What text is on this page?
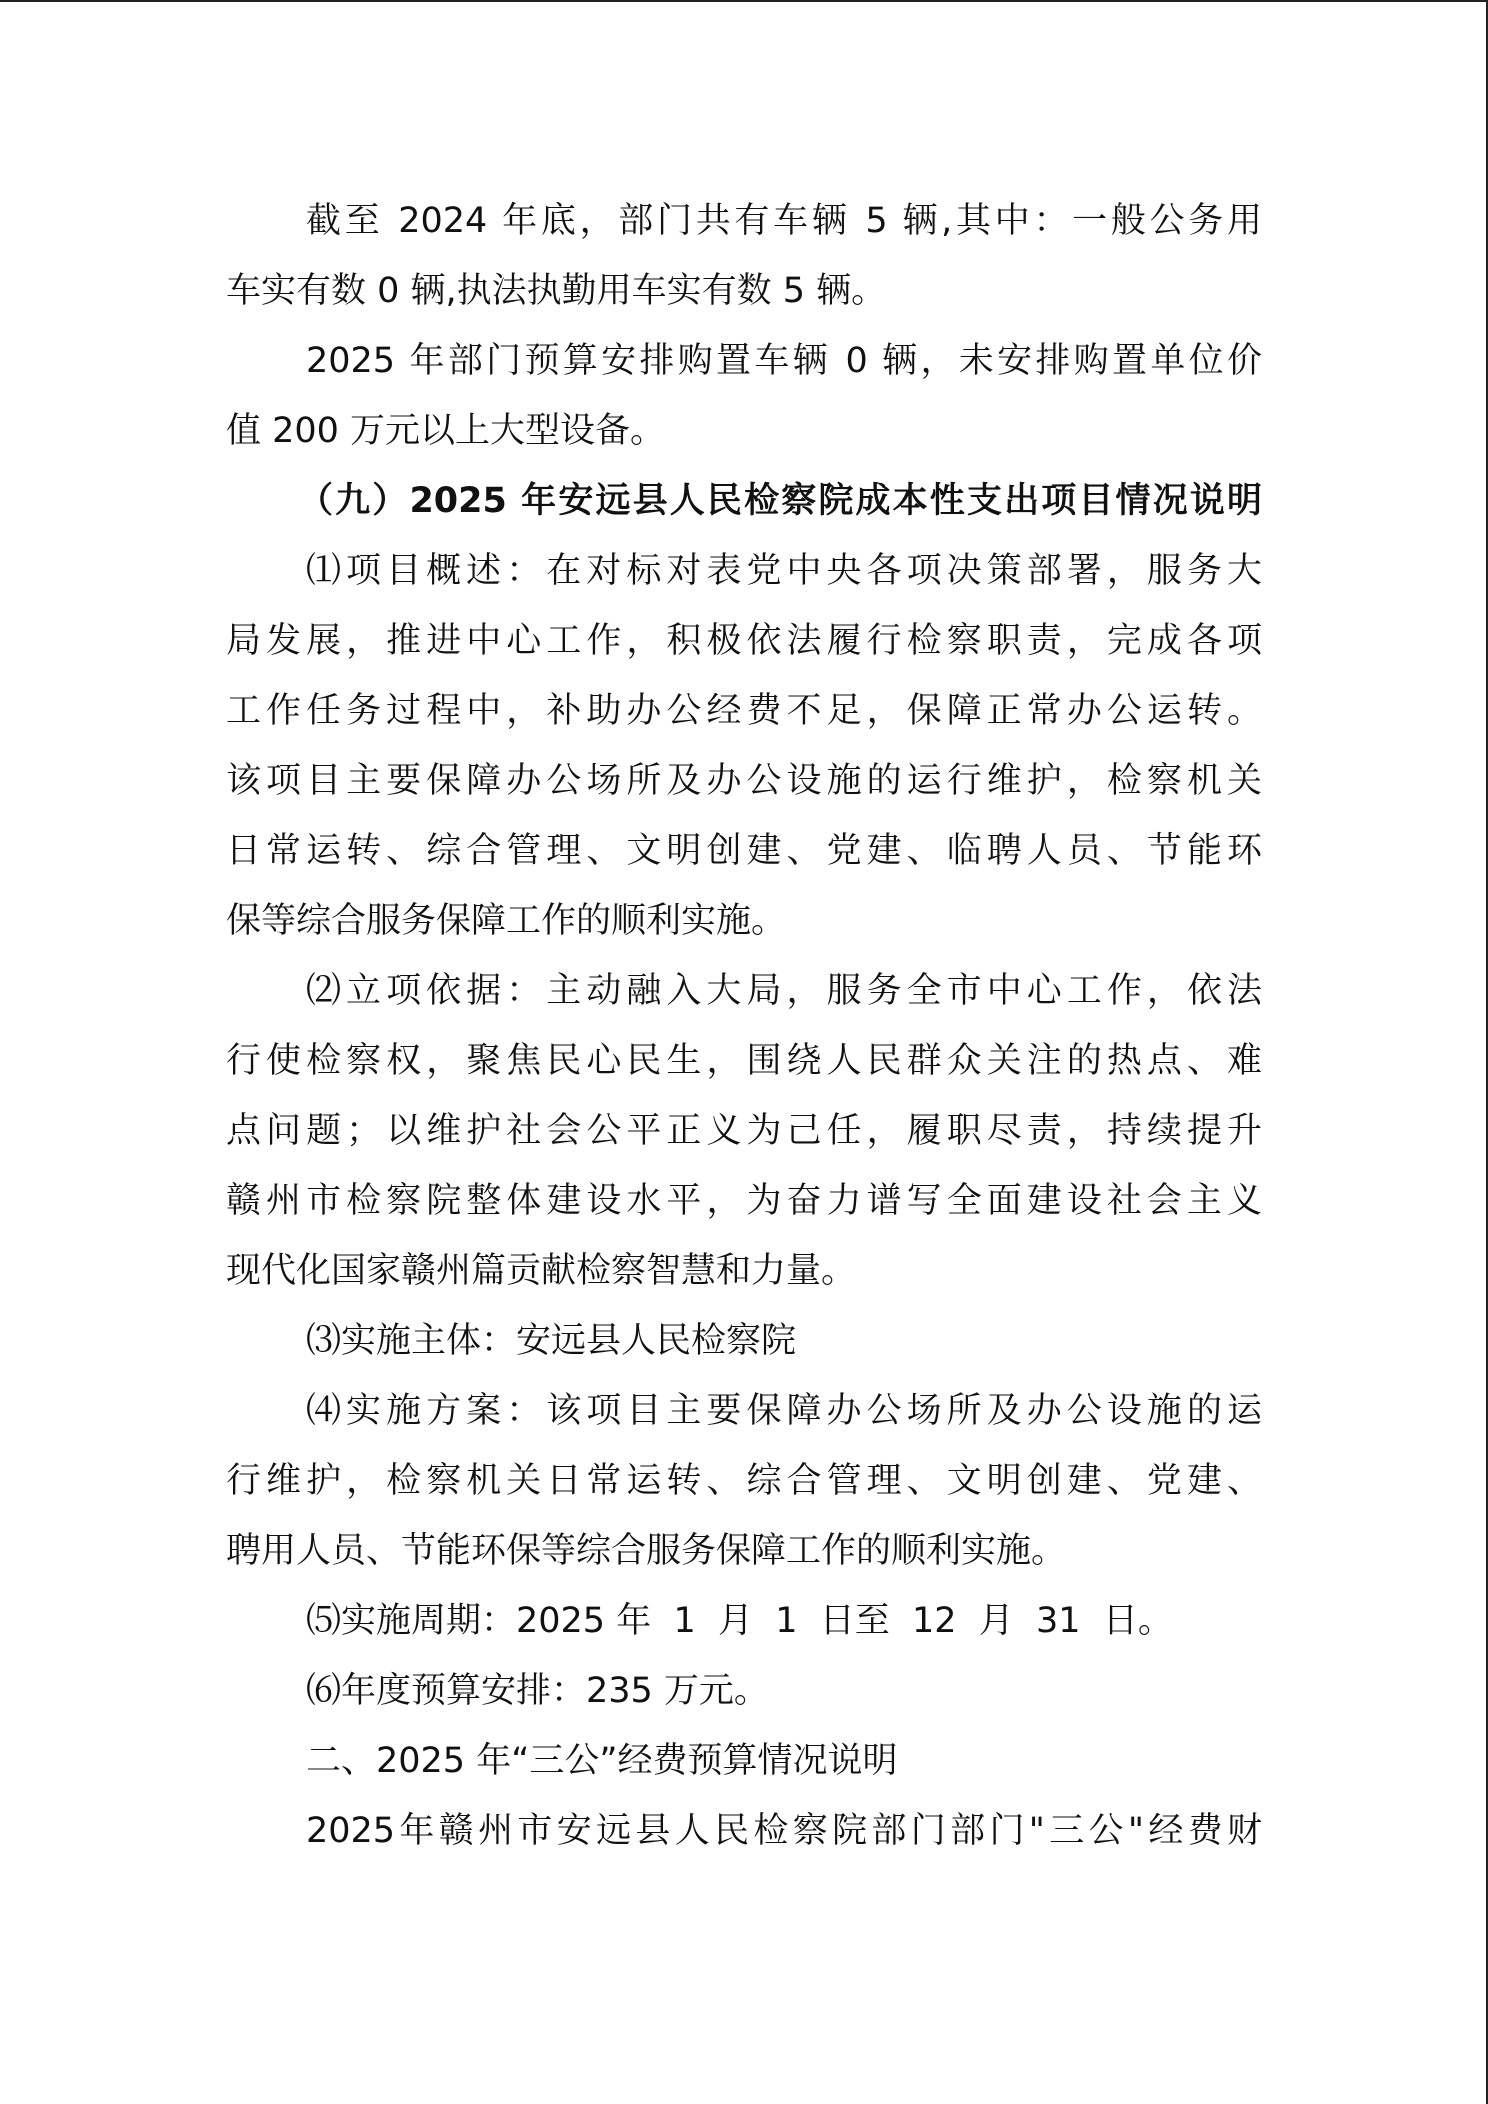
截至 2024 年底，部门共有车辆 5 辆,其中：一般公务用
车实有数 0 辆,执法执勤用车实有数 5 辆。
2025 年部门预算安排购置车辆 0 辆，未安排购置单位价
值 200 万元以上大型设备。
（九）2025 年安远县人民检察院成本性支出项目情况说明
⑴项目概述：在对标对表党中央各项决策部署，服务大
局发展，推进中心工作，积极依法履行检察职责，完成各项
工作任务过程中，补助办公经费不足，保障正常办公运转。
该项目主要保障办公场所及办公设施的运行维护，检察机关
日常运转、综合管理、文明创建、党建、临聘人员、节能环
保等综合服务保障工作的顺利实施。
⑵立项依据：主动融入大局，服务全市中心工作，依法
行使检察权，聚焦民心民生，围绕人民群众关注的热点、难
点问题；以维护社会公平正义为己任，履职尽责，持续提升
赣州市检察院整体建设水平，为奋力谱写全面建设社会主义
现代化国家赣州篇贡献检察智慧和力量。
⑶实施主体：安远县人民检察院
⑷实施方案：该项目主要保障办公场所及办公设施的运
行维护，检察机关日常运转、综合管理、文明创建、党建、
聘用人员、节能环保等综合服务保障工作的顺利实施。
⑸实施周期：2025 年  1  月  1  日至  12  月  31  日。
⑹年度预算安排：235 万元。
二、2025 年“三公”经费预算情况说明
2025年赣州市安远县人民检察院部门部门"三公"经费财
